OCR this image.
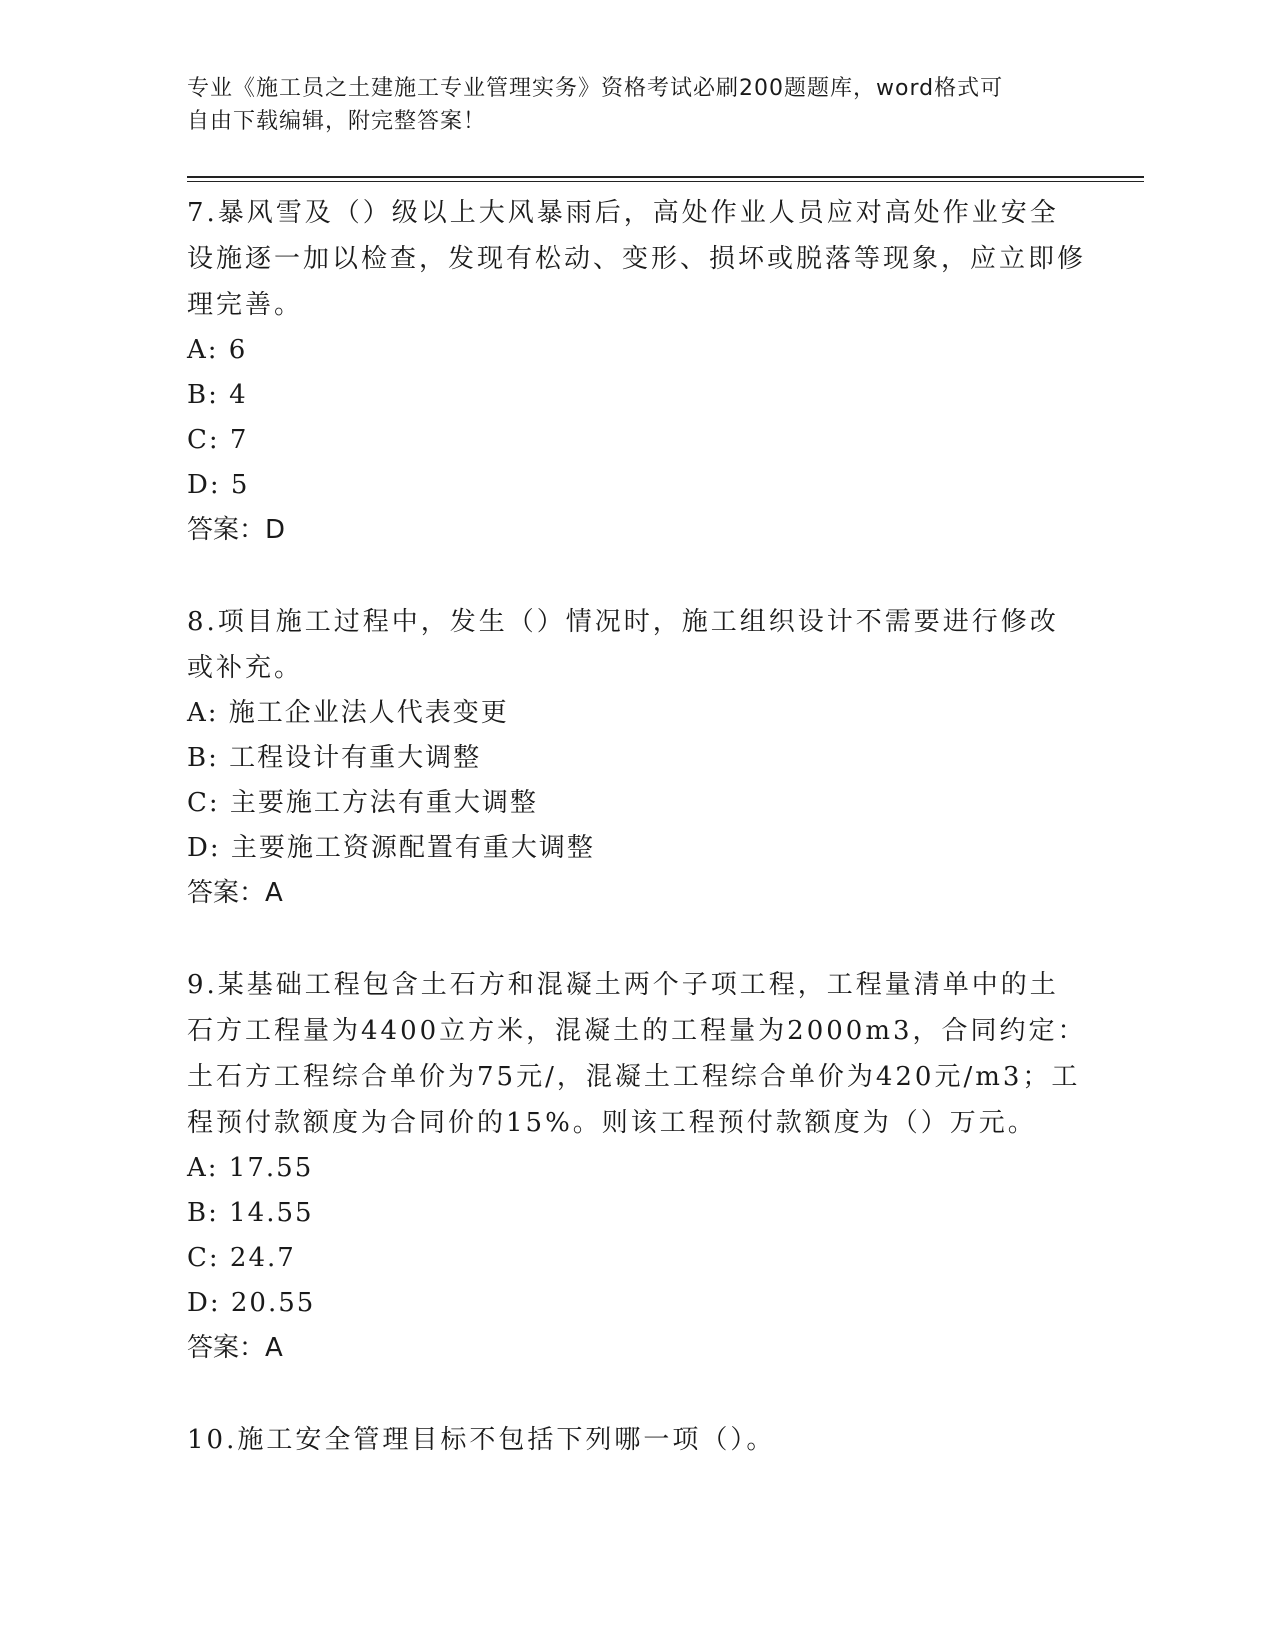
专业《施工员之土建施工专业管理实务》资格考试必刷200题题库，word格式可
自由下载编辑，附完整答案！

7.暴风雪及（）级以上大风暴雨后，高处作业人员应对高处作业安全设施逐一加以检查，发现有松动、变形、损坏或脱落等现象，应立即修理完善。

A: 6

B: 4

C: 7

D: 5

答案：D

8.项目施工过程中，发生（）情况时，施工组织设计不需要进行修改或补充。

A: 施工企业法人代表变更

B: 工程设计有重大调整

C: 主要施工方法有重大调整

D: 主要施工资源配置有重大调整

答案：A

9.某基础工程包含土石方和混凝土两个子项工程，工程量清单中的土石方工程量为4400立方米，混凝土的工程量为2000m3，合同约定：土石方工程综合单价为75元/，混凝土工程综合单价为420元/m3；工程预付款额度为合同价的15%。则该工程预付款额度为（）万元。

A: 17.55

B: 14.55

C: 24.7

D: 20.55

答案：A

10.施工安全管理目标不包括下列哪一项（）。
